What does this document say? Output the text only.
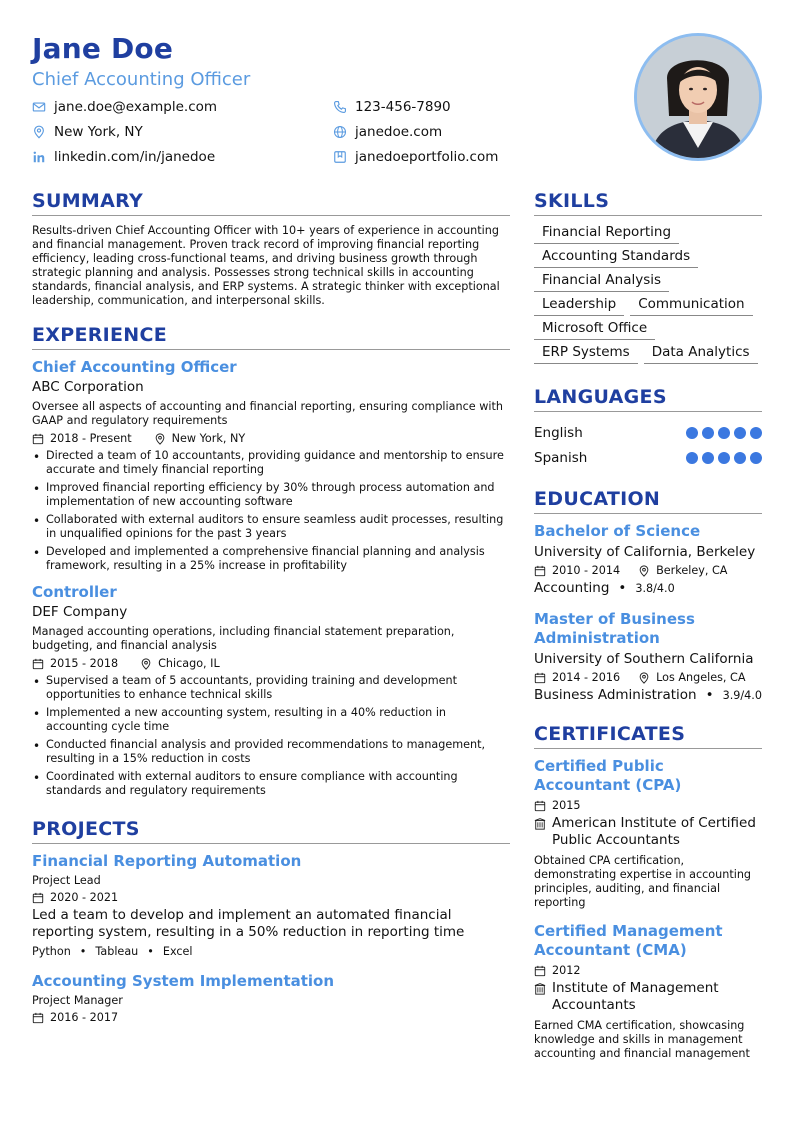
Jane Doe
Chief Accounting Officer
jane.doe@example.com
New York, NY
linkedin.com/in/janedoe
123-456-7890
janedoe.com
janedoeportfolio.com
SUMMARY
Results-driven Chief Accounting Officer with 10+ years of experience in accounting and financial management. Proven track record of improving financial reporting efficiency, leading cross-functional teams, and driving business growth through strategic planning and analysis. Possesses strong technical skills in accounting standards, financial analysis, and ERP systems. A strategic thinker with exceptional leadership, communication, and interpersonal skills.
EXPERIENCE
Chief Accounting Officer
ABC Corporation
Oversee all aspects of accounting and financial reporting, ensuring compliance with GAAP and regulatory requirements
2018 - Present	New York, NY
• Directed a team of 10 accountants, providing guidance and mentorship to ensure accurate and timely financial reporting
• Improved financial reporting efficiency by 30% through process automation and implementation of new accounting software
• Collaborated with external auditors to ensure seamless audit processes, resulting in unqualified opinions for the past 3 years
• Developed and implemented a comprehensive financial planning and analysis framework, resulting in a 25% increase in profitability
Controller
DEF Company
Managed accounting operations, including financial statement preparation, budgeting, and financial analysis
2015 - 2018	Chicago, IL
• Supervised a team of 5 accountants, providing training and development opportunities to enhance technical skills
• Implemented a new accounting system, resulting in a 40% reduction in accounting cycle time
• Conducted financial analysis and provided recommendations to management, resulting in a 15% reduction in costs
• Coordinated with external auditors to ensure compliance with accounting standards and regulatory requirements
PROJECTS
Financial Reporting Automation
Project Lead
2020 - 2021
Led a team to develop and implement an automated financial reporting system, resulting in a 50% reduction in reporting time
Python • Tableau • Excel
Accounting System Implementation
Project Manager
2016 - 2017
SKILLS
Financial Reporting
Accounting Standards
Financial Analysis
Leadership	Communication
Microsoft Office
ERP Systems	Data Analytics
LANGUAGES
English
Spanish
EDUCATION
Bachelor of Science
University of California, Berkeley
2010 - 2014	Berkeley, CA
Accounting • 3.8/4.0
Master of Business Administration
University of Southern California
2014 - 2016	Los Angeles, CA
Business Administration • 3.9/4.0
CERTIFICATES
Certified Public Accountant (CPA)
2015
American Institute of Certified Public Accountants
Obtained CPA certification, demonstrating expertise in accounting principles, auditing, and financial reporting
Certified Management Accountant (CMA)
2012
Institute of Management Accountants
Earned CMA certification, showcasing knowledge and skills in management accounting and financial management
